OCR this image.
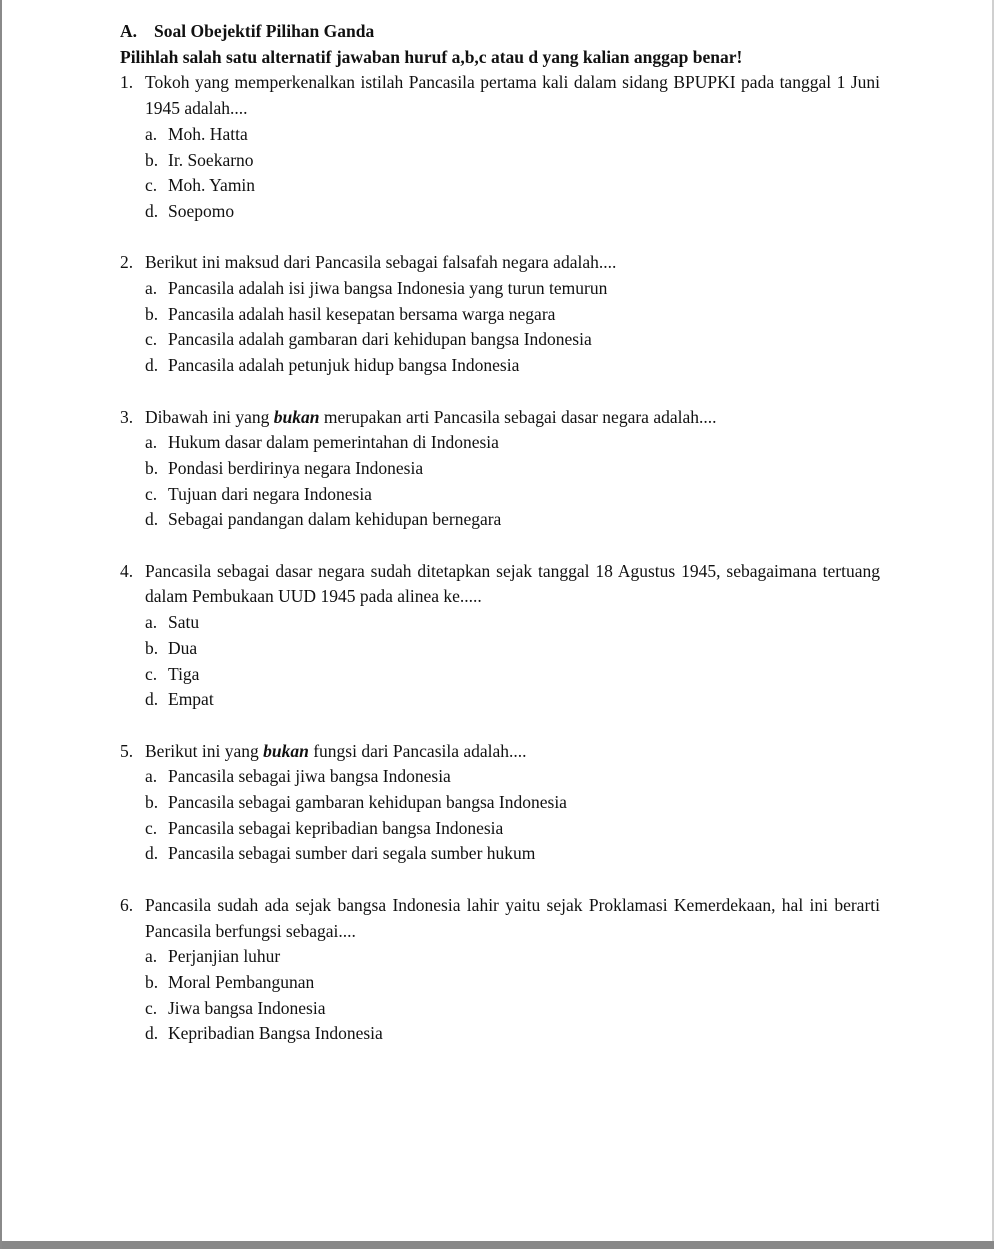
A. Soal Obejektif Pilihan Ganda

Pilihlah salah satu alternatif jawaban huruf a,b,c atau d yang kalian anggap benar!

1. Tokoh yang memperkenalkan istilah Pancasila pertama kali dalam sidang BPUPKI pada tanggal 1 Juni 1945 adalah....
a. Moh. Hatta
b. Ir. Soekarno
c. Moh. Yamin
d. Soepomo
2. Berikut ini maksud dari Pancasila sebagai falsafah negara adalah....
a. Pancasila adalah isi jiwa bangsa Indonesia yang turun temurun
b. Pancasila adalah hasil kesepatan bersama warga negara
c. Pancasila adalah gambaran dari kehidupan bangsa Indonesia
d. Pancasila adalah petunjuk hidup bangsa Indonesia
3. Dibawah ini yang bukan merupakan arti Pancasila sebagai dasar negara adalah....
a. Hukum dasar dalam pemerintahan di Indonesia
b. Pondasi berdirinya negara Indonesia
c. Tujuan dari negara Indonesia
d. Sebagai pandangan dalam kehidupan bernegara
4. Pancasila sebagai dasar negara sudah ditetapkan sejak tanggal 18 Agustus 1945, sebagaimana tertuang dalam Pembukaan UUD 1945 pada alinea ke.....
a. Satu
b. Dua
c. Tiga
d. Empat
5. Berikut ini yang bukan fungsi dari Pancasila adalah....
a. Pancasila sebagai jiwa bangsa Indonesia
b. Pancasila sebagai gambaran kehidupan bangsa Indonesia
c. Pancasila sebagai kepribadian bangsa Indonesia
d. Pancasila sebagai sumber dari segala sumber hukum
6. Pancasila sudah ada sejak bangsa Indonesia lahir yaitu sejak Proklamasi Kemerdekaan, hal ini berarti Pancasila berfungsi sebagai....
a. Perjanjian luhur
b. Moral Pembangunan
c. Jiwa bangsa Indonesia
d. Kepribadian Bangsa Indonesia
